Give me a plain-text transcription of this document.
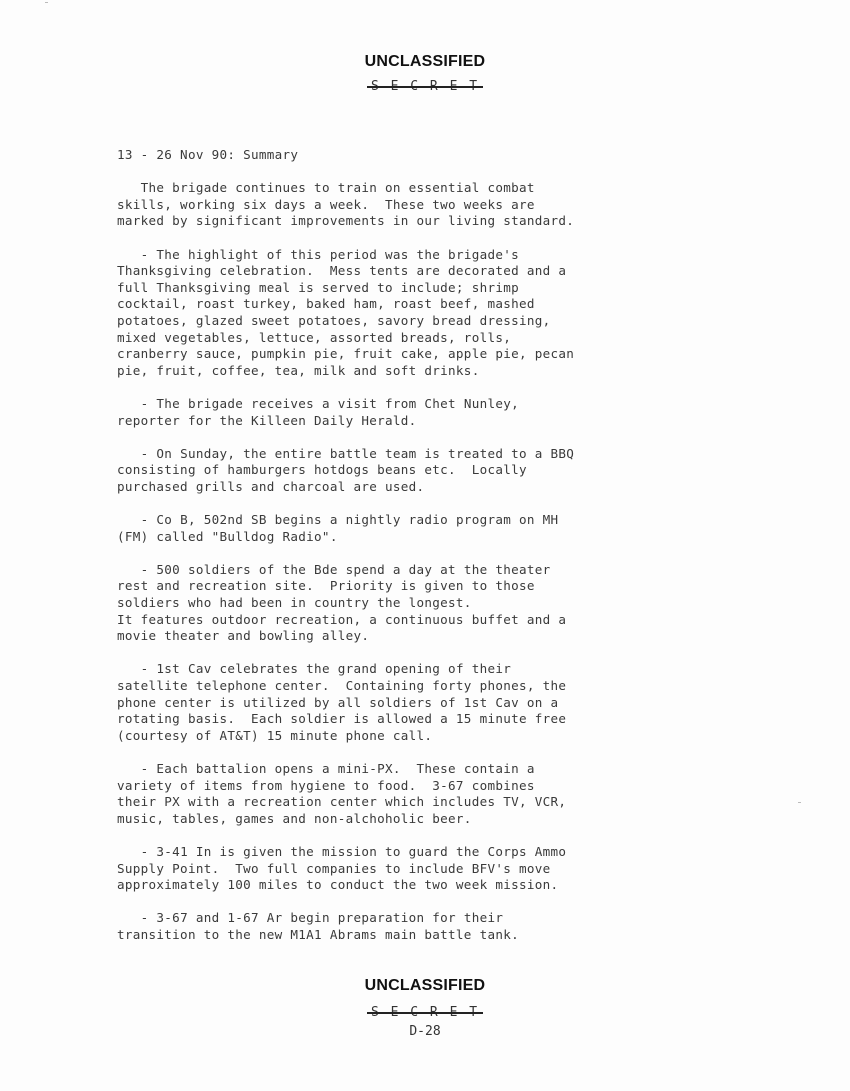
UNCLASSIFIED
S E C R E T
13 - 26 Nov 90: Summary
The brigade continues to train on essential combat
skills, working six days a week.  These two weeks are
marked by significant improvements in our living standard.
- The highlight of this period was the brigade's
Thanksgiving celebration.  Mess tents are decorated and a
full Thanksgiving meal is served to include; shrimp
cocktail, roast turkey, baked ham, roast beef, mashed
potatoes, glazed sweet potatoes, savory bread dressing,
mixed vegetables, lettuce, assorted breads, rolls,
cranberry sauce, pumpkin pie, fruit cake, apple pie, pecan
pie, fruit, coffee, tea, milk and soft drinks.
- The brigade receives a visit from Chet Nunley,
reporter for the Killeen Daily Herald.
- On Sunday, the entire battle team is treated to a BBQ
consisting of hamburgers hotdogs beans etc.  Locally
purchased grills and charcoal are used.
- Co B, 502nd SB begins a nightly radio program on MH
(FM) called "Bulldog Radio".
- 500 soldiers of the Bde spend a day at the theater
rest and recreation site.  Priority is given to those
soldiers who had been in country the longest.
It features outdoor recreation, a continuous buffet and a
movie theater and bowling alley.
- 1st Cav celebrates the grand opening of their
satellite telephone center.  Containing forty phones, the
phone center is utilized by all soldiers of 1st Cav on a
rotating basis.  Each soldier is allowed a 15 minute free
(courtesy of AT&T) 15 minute phone call.
- Each battalion opens a mini-PX.  These contain a
variety of items from hygiene to food.  3-67 combines
their PX with a recreation center which includes TV, VCR,
music, tables, games and non-alchoholic beer.
- 3-41 In is given the mission to guard the Corps Ammo
Supply Point.  Two full companies to include BFV's move
approximately 100 miles to conduct the two week mission.
- 3-67 and 1-67 Ar begin preparation for their
transition to the new M1A1 Abrams main battle tank.
UNCLASSIFIED
S E C R E T
D-28
